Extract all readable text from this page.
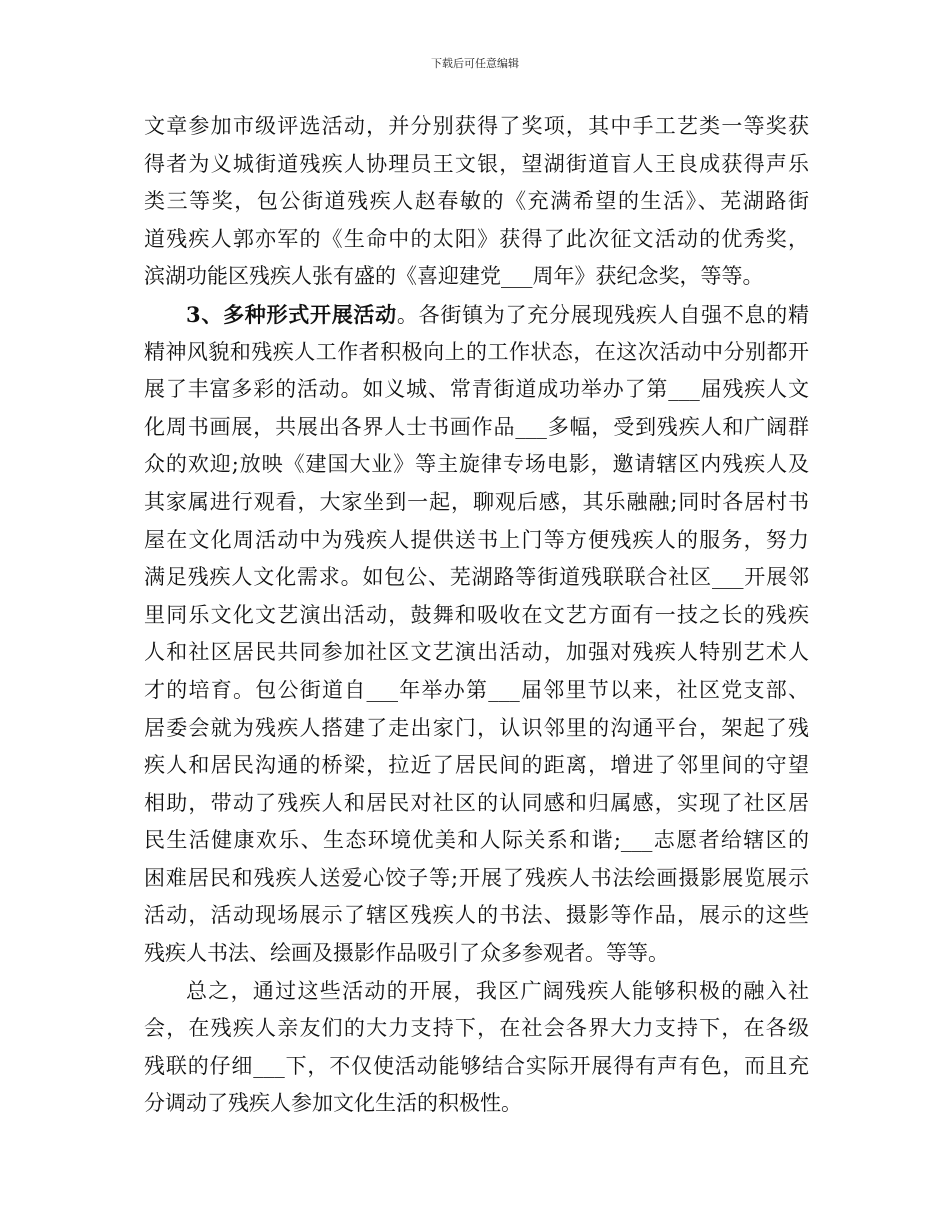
下载后可任意编辑
文章参加市级评选活动，并分别获得了奖项，其中手工艺类一等奖获
得者为义城街道残疾人协理员王文银，望湖街道盲人王良成获得声乐
类三等奖，包公街道残疾人赵春敏的《充满希望的生活》、芜湖路街
道残疾人郭亦军的《生命中的太阳》获得了此次征文活动的优秀奖，
滨湖功能区残疾人张有盛的《喜迎建党___周年》获纪念奖，等等。
3、多种形式开展活动。各街镇为了充分展现残疾人自强不息的精
精神风貌和残疾人工作者积极向上的工作状态，在这次活动中分别都开
展了丰富多彩的活动。如义城、常青街道成功举办了第___届残疾人文
化周书画展，共展出各界人士书画作品___多幅，受到残疾人和广阔群
众的欢迎;放映《建国大业》等主旋律专场电影，邀请辖区内残疾人及
其家属进行观看，大家坐到一起，聊观后感，其乐融融;同时各居村书
屋在文化周活动中为残疾人提供送书上门等方便残疾人的服务，努力
满足残疾人文化需求。如包公、芜湖路等街道残联联合社区___开展邻
里同乐文化文艺演出活动，鼓舞和吸收在文艺方面有一技之长的残疾
人和社区居民共同参加社区文艺演出活动，加强对残疾人特别艺术人
才的培育。包公街道自___年举办第___届邻里节以来，社区党支部、
居委会就为残疾人搭建了走出家门，认识邻里的沟通平台，架起了残
疾人和居民沟通的桥梁，拉近了居民间的距离，增进了邻里间的守望
相助，带动了残疾人和居民对社区的认同感和归属感，实现了社区居
民生活健康欢乐、生态环境优美和人际关系和谐;___志愿者给辖区的
困难居民和残疾人送爱心饺子等;开展了残疾人书法绘画摄影展览展示
活动，活动现场展示了辖区残疾人的书法、摄影等作品，展示的这些
残疾人书法、绘画及摄影作品吸引了众多参观者。等等。
总之，通过这些活动的开展，我区广阔残疾人能够积极的融入社
会，在残疾人亲友们的大力支持下，在社会各界大力支持下，在各级
残联的仔细___下，不仅使活动能够结合实际开展得有声有色，而且充
分调动了残疾人参加文化生活的积极性。
